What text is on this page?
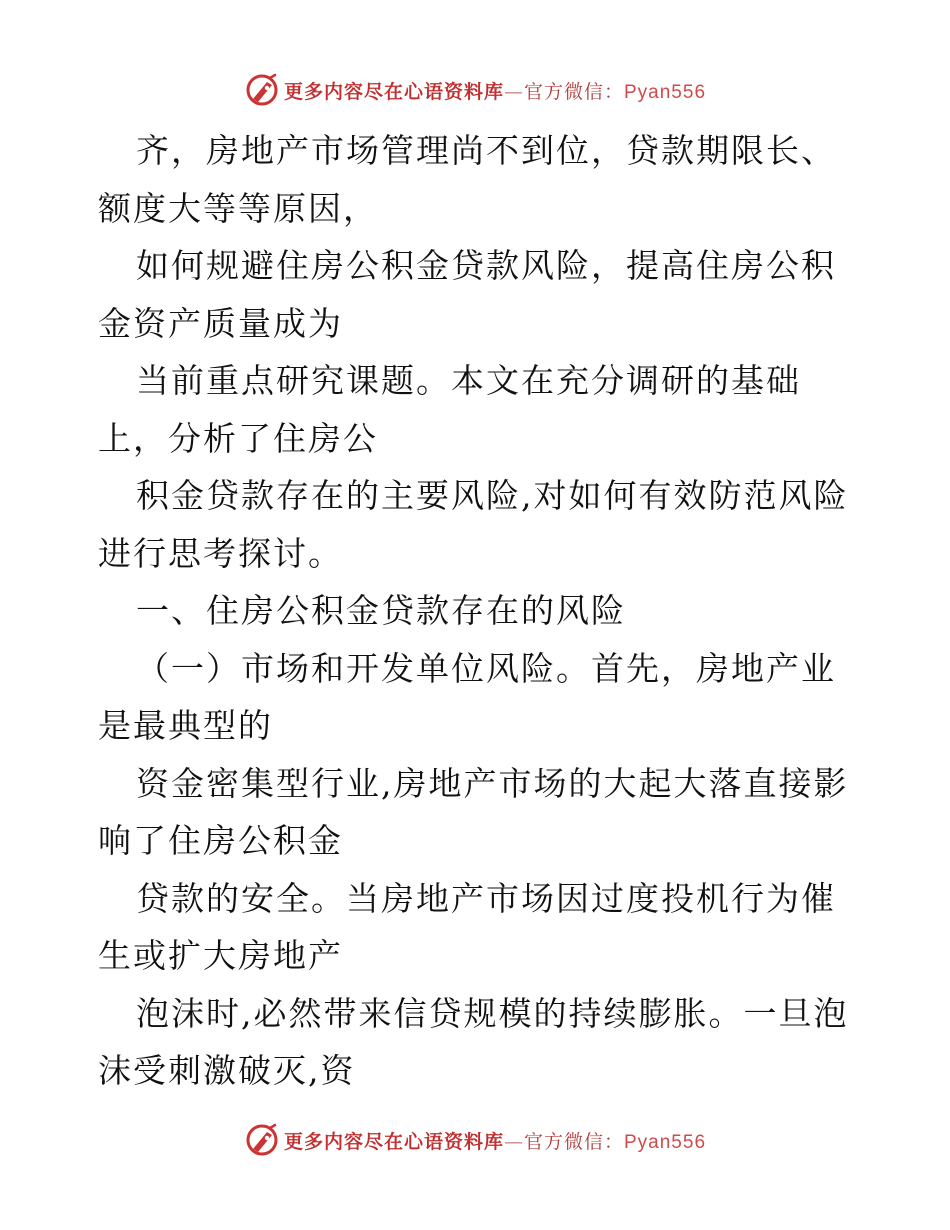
更多内容尽在心语资料库—官方微信：Pyan556

齐，房地产市场管理尚不到位，贷款期限长、额度大等等原因，

如何规避住房公积金贷款风险，提高住房公积金资产质量成为

当前重点研究课题。本文在充分调研的基础上，分析了住房公

积金贷款存在的主要风险,对如何有效防范风险进行思考探讨。

一、住房公积金贷款存在的风险

（一）市场和开发单位风险。首先，房地产业是最典型的

资金密集型行业,房地产市场的大起大落直接影响了住房公积金

贷款的安全。当房地产市场因过度投机行为催生或扩大房地产

泡沫时,必然带来信贷规模的持续膨胀。一旦泡沫受刺激破灭,资

更多内容尽在心语资料库—官方微信：Pyan556
